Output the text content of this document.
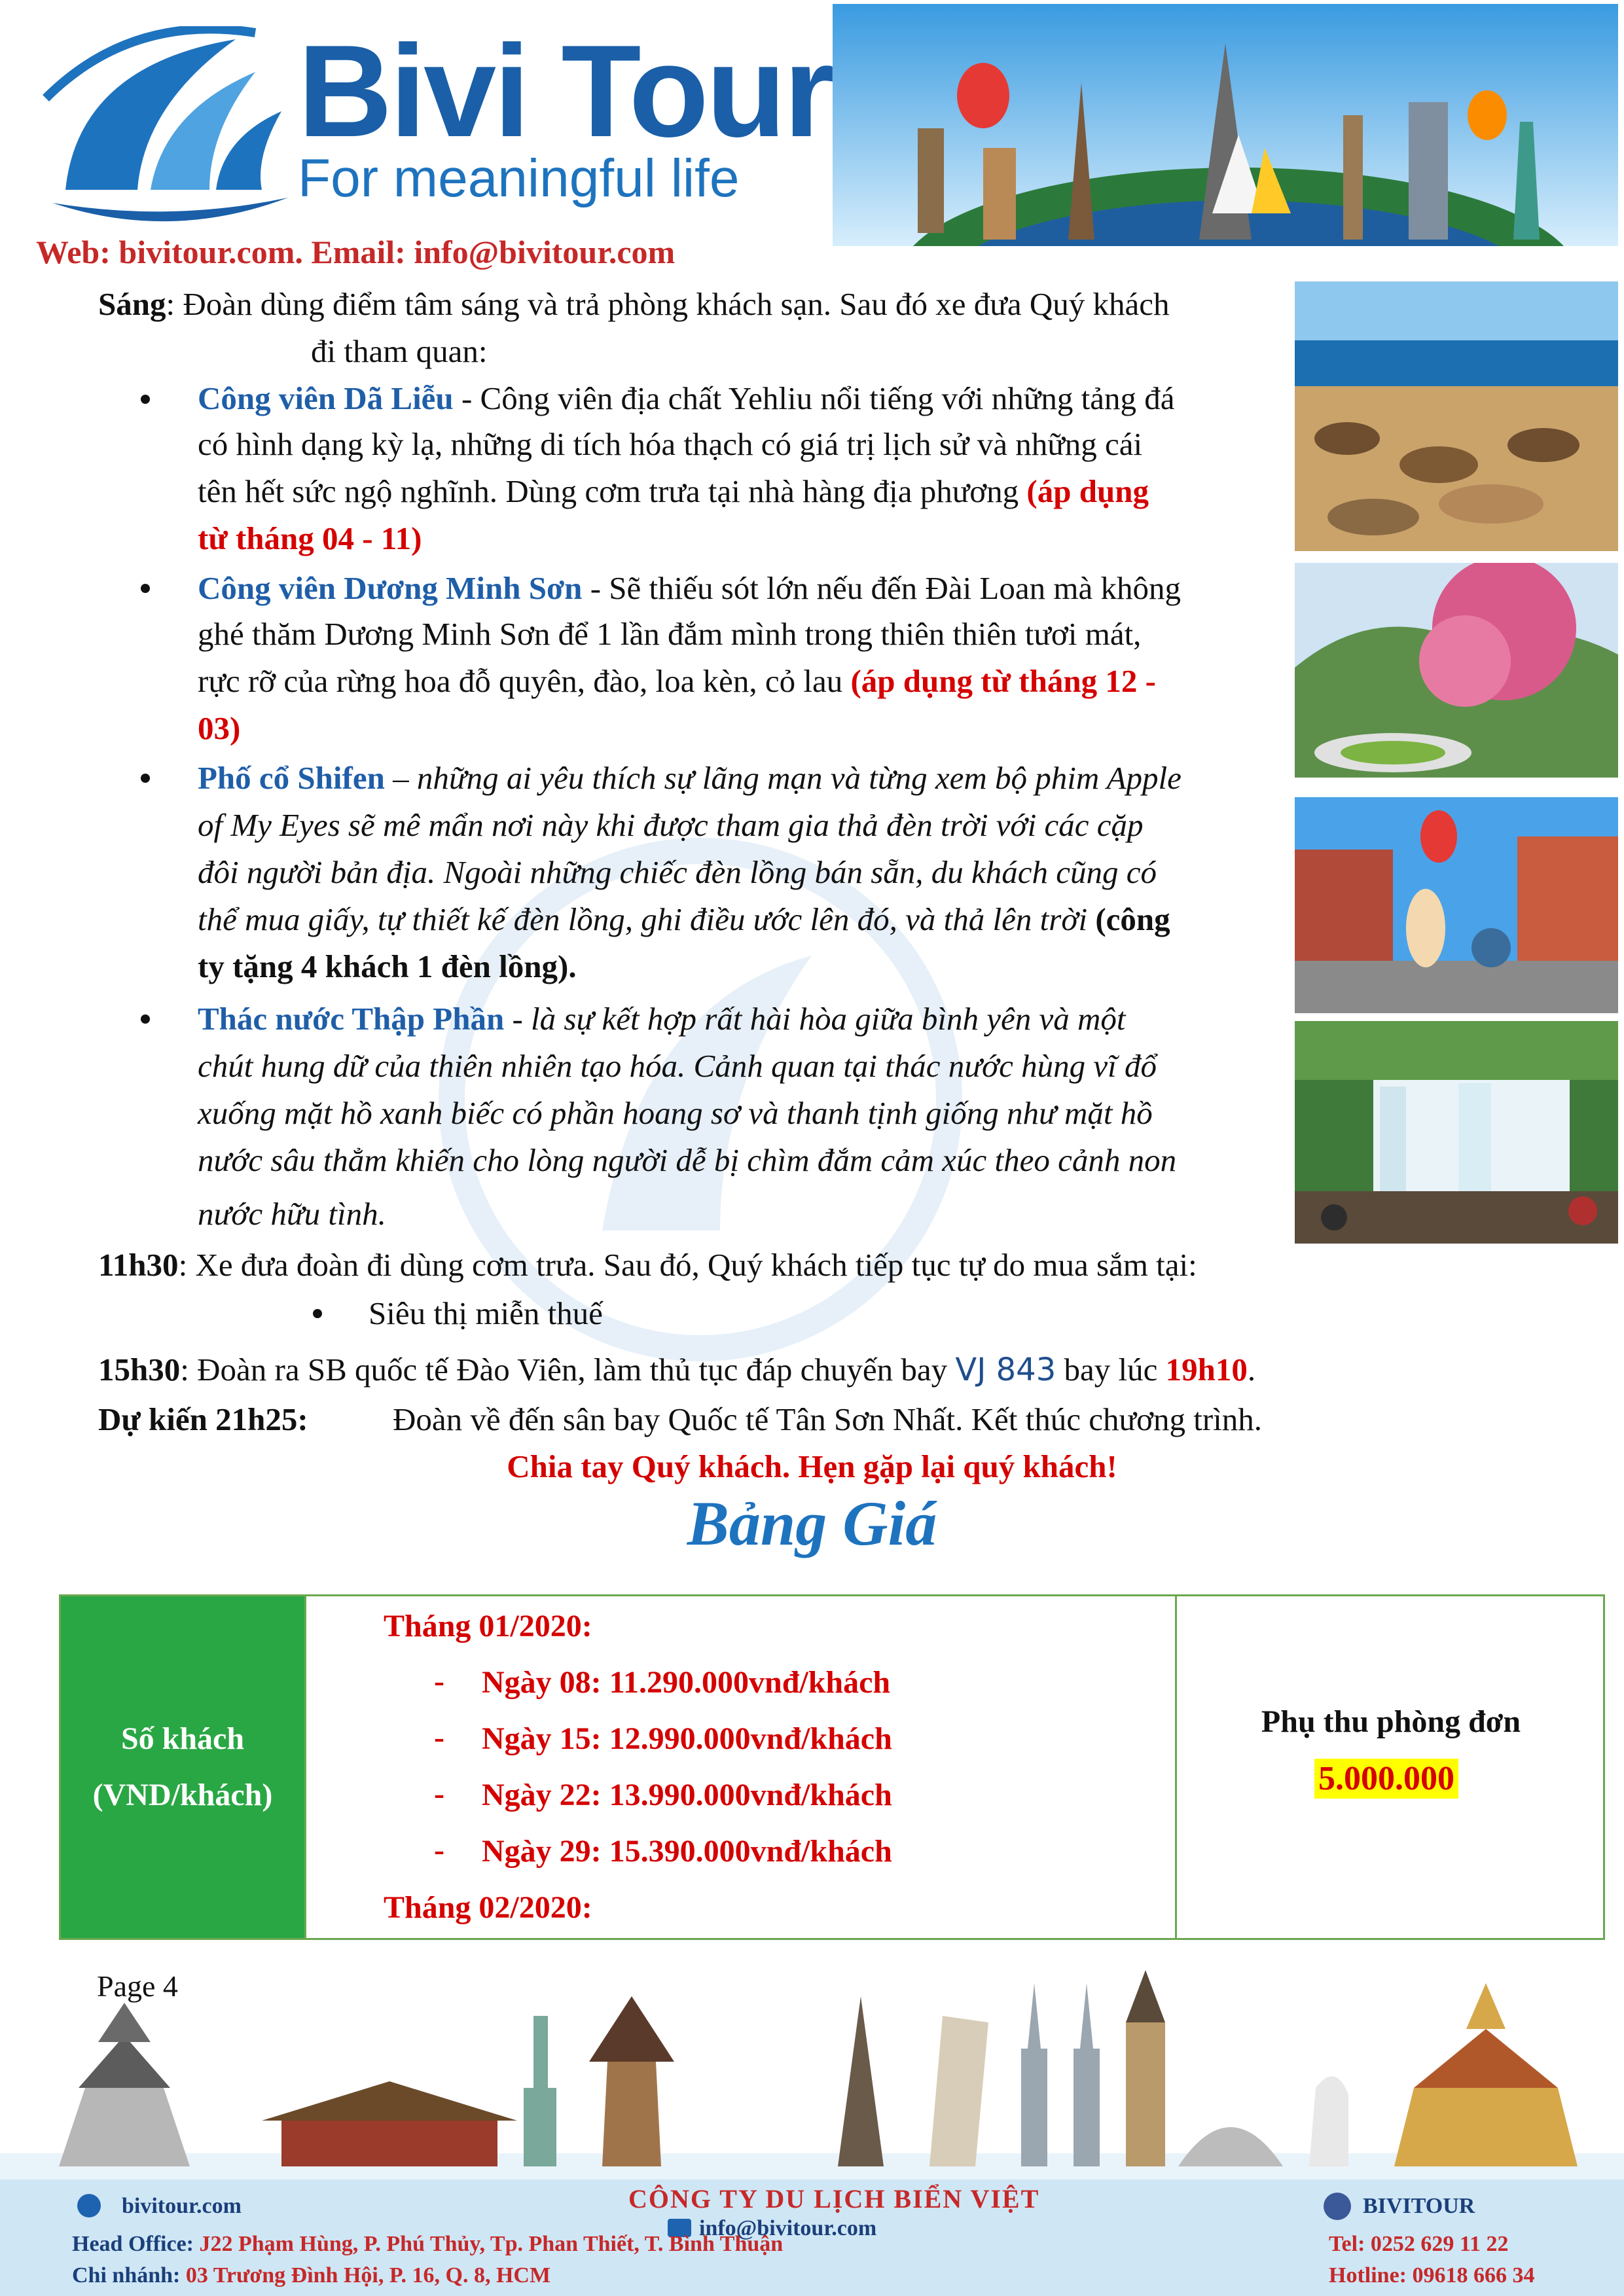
Bivi Tour
For meaningful life
Web: bivitour.com. Email: info@bivitour.com
Sáng: Đoàn dùng điểm tâm sáng và trả phòng khách sạn. Sau đó xe đưa Quý khách
đi tham quan:
Công viên Dã Liễu - Công viên địa chất Yehliu nổi tiếng với những tảng đá
có hình dạng kỳ lạ, những di tích hóa thạch có giá trị lịch sử và những cái
tên hết sức ngộ nghĩnh. Dùng cơm trưa tại nhà hàng địa phương (áp dụng
từ tháng 04 - 11)
Công viên Dương Minh Sơn - Sẽ thiếu sót lớn nếu đến Đài Loan mà không
ghé thăm Dương Minh Sơn để 1 lần đắm mình trong thiên thiên tươi mát,
rực rỡ của rừng hoa đỗ quyên, đào, loa kèn, cỏ lau (áp dụng từ tháng 12 -
03)
Phố cổ Shifen – những ai yêu thích sự lãng mạn và từng xem bộ phim Apple
of My Eyes sẽ mê mẩn nơi này khi được tham gia thả đèn trời với các cặp
đôi người bản địa. Ngoài những chiếc đèn lồng bán sẵn, du khách cũng có
thể mua giấy, tự thiết kế đèn lồng, ghi điều ước lên đó, và thả lên trời (công
ty tặng 4 khách 1 đèn lồng).
Thác nước Thập Phần - là sự kết hợp rất hài hòa giữa bình yên và một
chút hung dữ của thiên nhiên tạo hóa. Cảnh quan tại thác nước hùng vĩ đổ
xuống mặt hồ xanh biếc có phần hoang sơ và thanh tịnh giống như mặt hồ
nước sâu thẳm khiến cho lòng người dễ bị chìm đắm cảm xúc theo cảnh non
nước hữu tình.
11h30: Xe đưa đoàn đi dùng cơm trưa. Sau đó, Quý khách tiếp tục tự do mua sắm tại:
Siêu thị miễn thuế
15h30: Đoàn ra SB quốc tế Đào Viên, làm thủ tục đáp chuyến bay VJ 843 bay lúc 19h10.
Dự kiến 21h25:	Đoàn về đến sân bay Quốc tế Tân Sơn Nhất. Kết thúc chương trình.
Chia tay Quý khách. Hẹn gặp lại quý khách!
Bảng Giá
Số khách
(VND/khách)
Tháng 01/2020:
- Ngày 08: 11.290.000vnđ/khách
- Ngày 15: 12.990.000vnđ/khách
- Ngày 22: 13.990.000vnđ/khách
- Ngày 29: 15.390.000vnđ/khách
Tháng 02/2020:
Phụ thu phòng đơn
5.000.000
Page 4
CÔNG TY DU LỊCH BIỂN VIỆT
bivitour.com
info@bivitour.com
Head Office: J22 Phạm Hùng, P. Phú Thủy, Tp. Phan Thiết, T. Bình Thuận
Chi nhánh: 03 Trương Đình Hội, P. 16, Q. 8, HCM
BIVITOUR
Tel: 0252 629 11 22
Hotline: 09618 666 34
